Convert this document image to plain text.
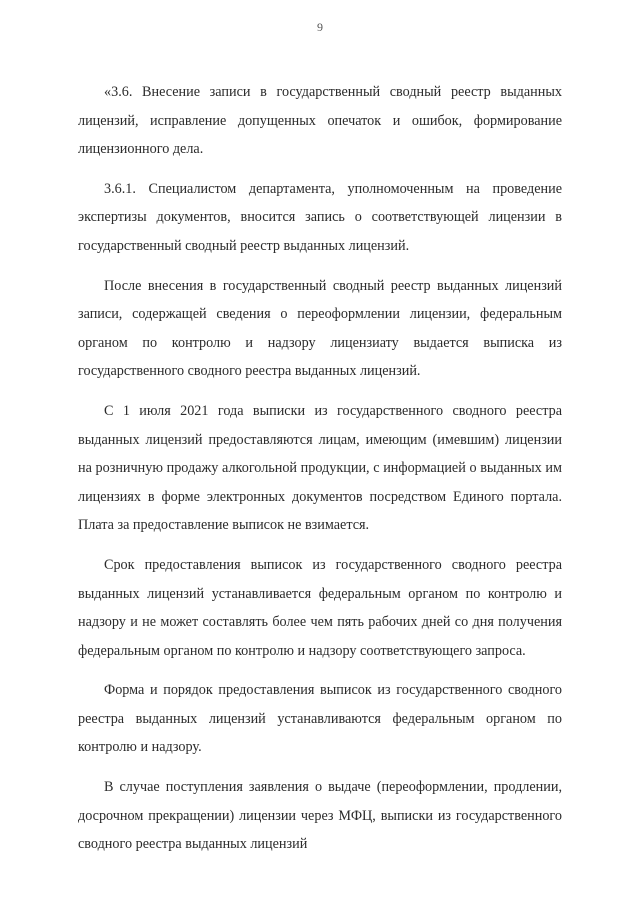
9

«3.6. Внесение записи в государственный сводный реестр выданных лицензий, исправление допущенных опечаток и ошибок, формирование лицензионного дела.

3.6.1. Специалистом департамента, уполномоченным на проведение экспертизы документов, вносится запись о соответствующей лицензии в государственный сводный реестр выданных лицензий.

После внесения в государственный сводный реестр выданных лицензий записи, содержащей сведения о переоформлении лицензии, федеральным органом по контролю и надзору лицензиату выдается выписка из государственного сводного реестра выданных лицензий.

С 1 июля 2021 года выписки из государственного сводного реестра выданных лицензий предоставляются лицам, имеющим (имевшим) лицензии на розничную продажу алкогольной продукции, с информацией о выданных им лицензиях в форме электронных документов посредством Единого портала. Плата за предоставление выписок не взимается.

Срок предоставления выписок из государственного сводного реестра выданных лицензий устанавливается федеральным органом по контролю и надзору и не может составлять более чем пять рабочих дней со дня получения федеральным органом по контролю и надзору соответствующего запроса.

Форма и порядок предоставления выписок из государственного сводного реестра выданных лицензий устанавливаются федеральным органом по контролю и надзору.

В случае поступления заявления о выдаче (переоформлении, продлении, досрочном прекращении) лицензии через МФЦ, выписки из государственного сводного реестра выданных лицензий
